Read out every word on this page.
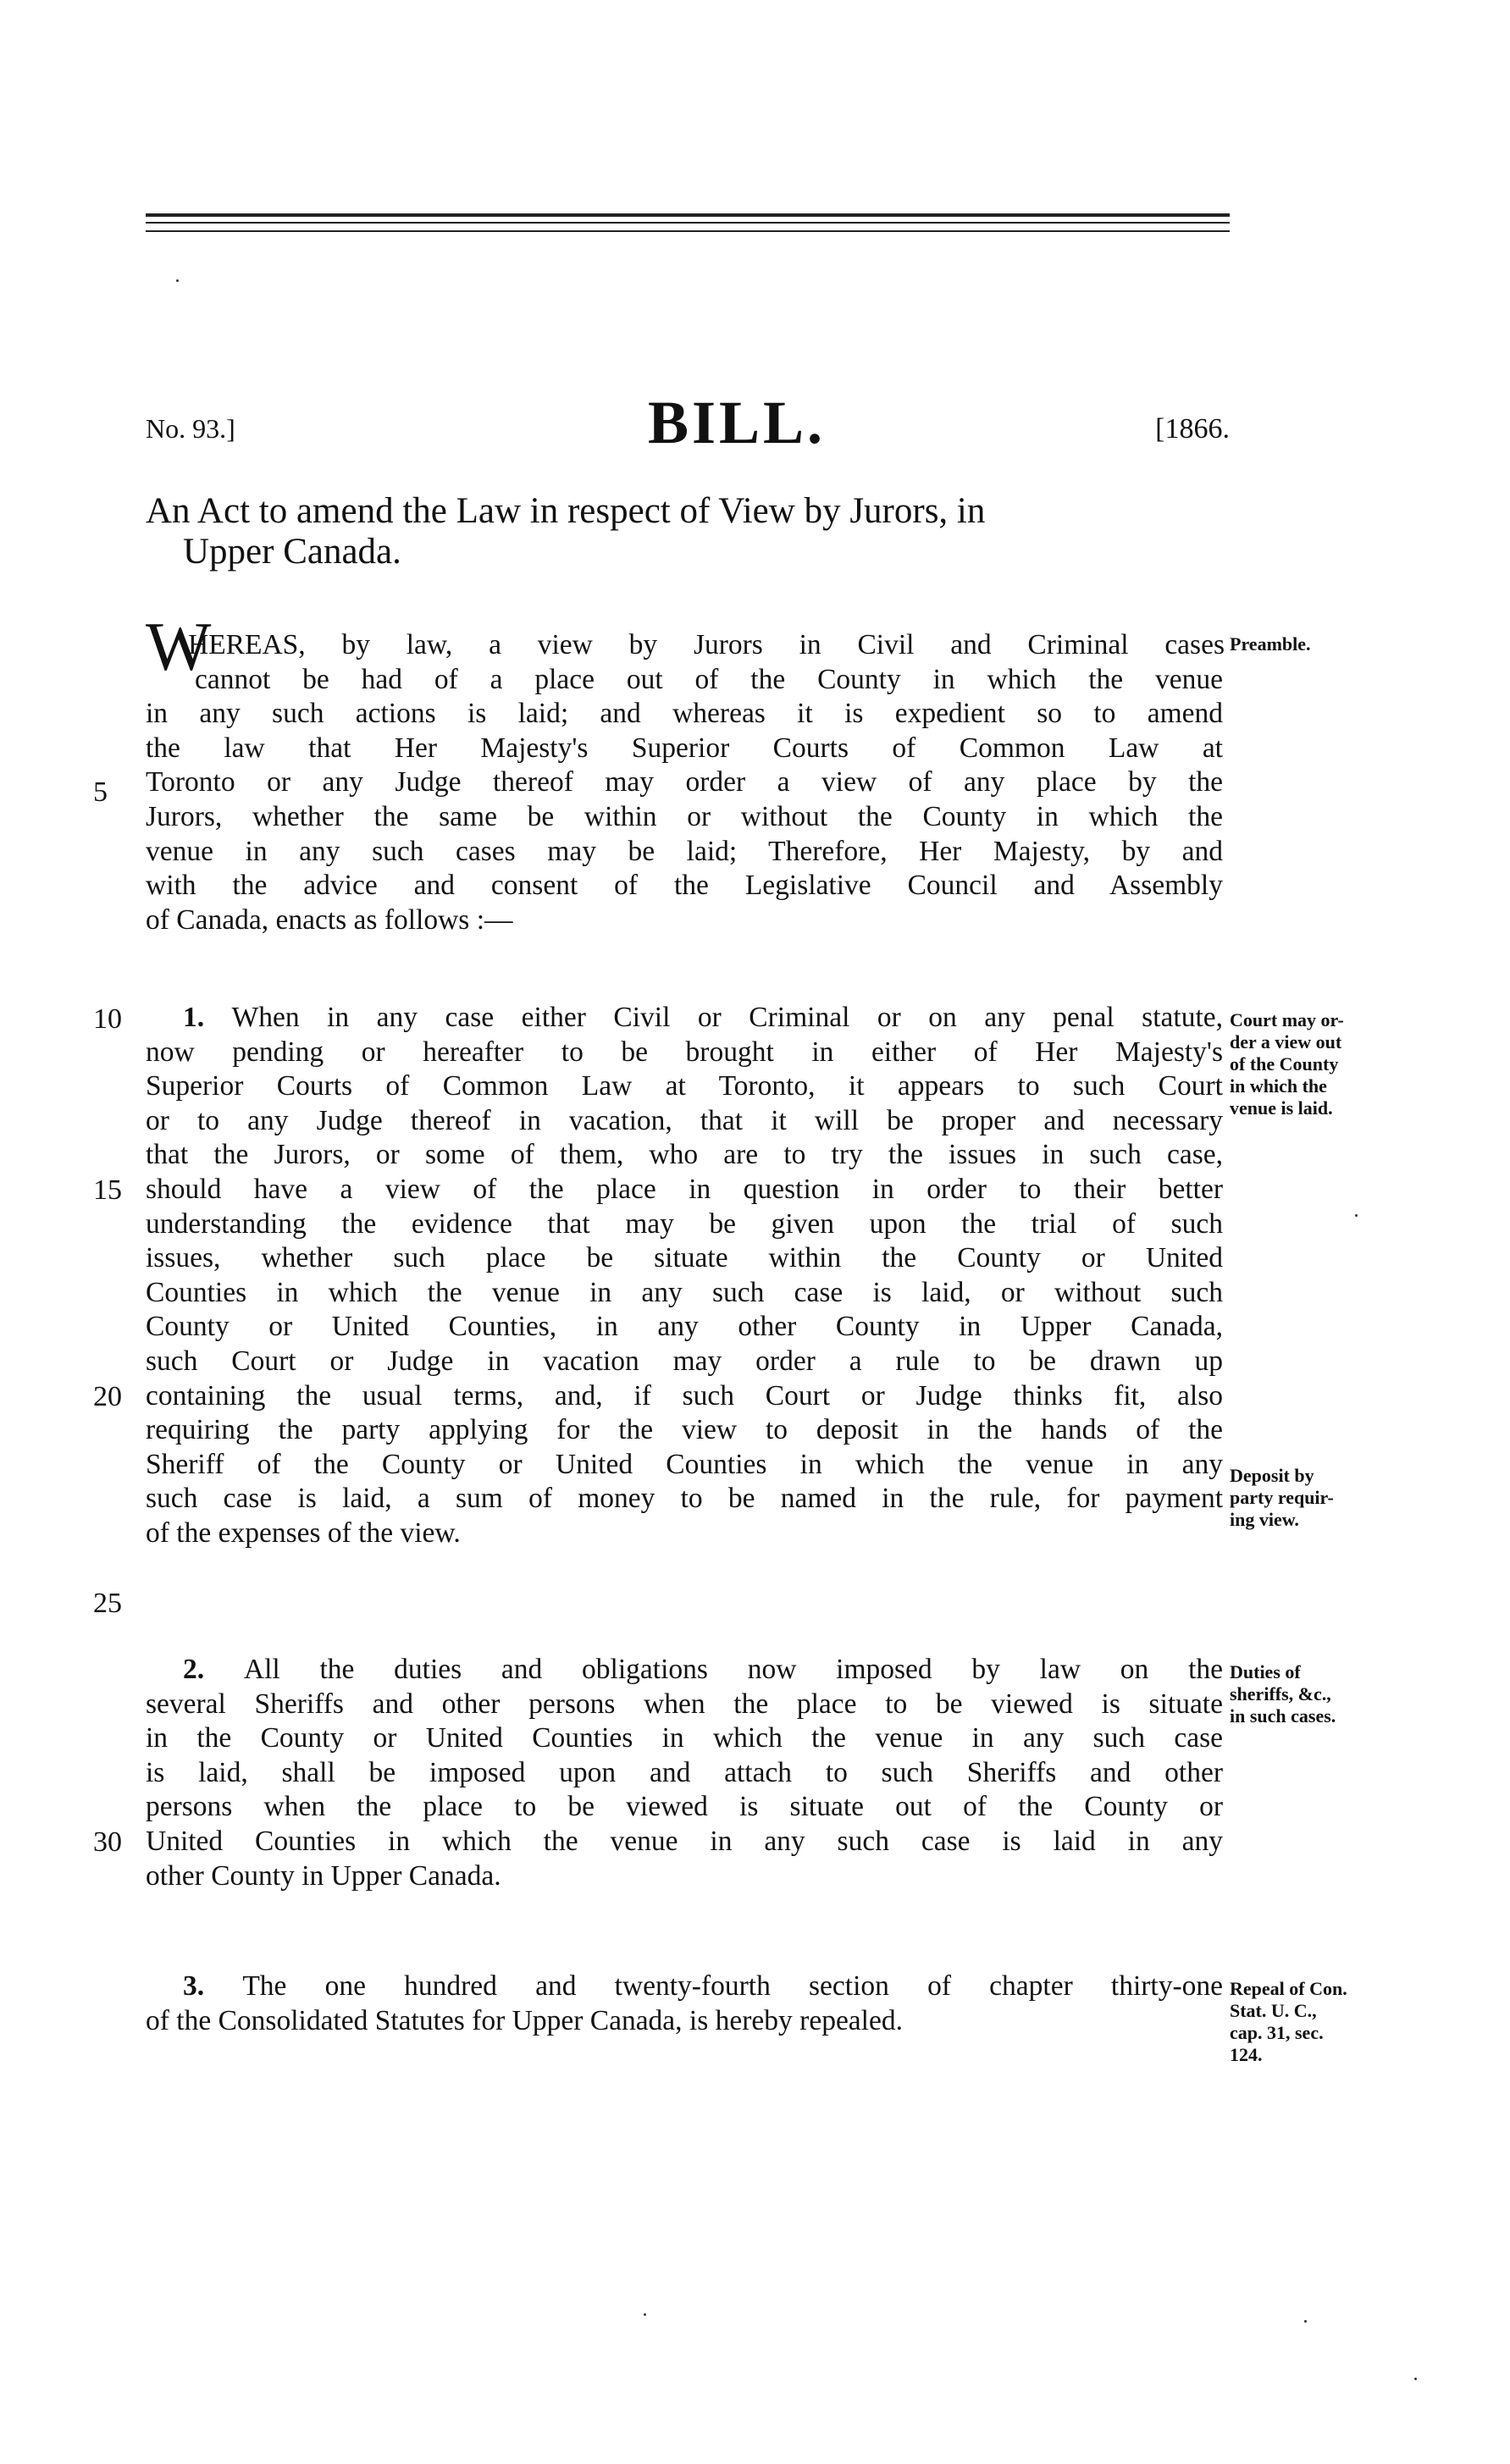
No. 93.]	BILL.	[1866.
An Act to amend the Law in respect of View by Jurors, in
Upper Canada.
W
HEREAS, by law, a view by Jurors in Civil and Criminal cases
cannot be had of a place out of the County in which the venue
in any such actions is laid; and whereas it is expedient so to amend
the law that Her Majesty's Superior Courts of Common Law at
Toronto or any Judge thereof may order a view of any place by the
Jurors, whether the same be within or without the County in which the
venue in any such cases may be laid; Therefore, Her Majesty, by and
with the advice and consent of the Legislative Council and Assembly
of Canada, enacts as follows :—
Preamble.
5
1. When in any case either Civil or Criminal or on any penal statute,
now pending or hereafter to be brought in either of Her Majesty's
Superior Courts of Common Law at Toronto, it appears to such Court
or to any Judge thereof in vacation, that it will be proper and necessary
that the Jurors, or some of them, who are to try the issues in such case,
should have a view of the place in question in order to their better
understanding the evidence that may be given upon the trial of such
issues, whether such place be situate within the County or United
Counties in which the venue in any such case is laid, or without such
County or United Counties, in any other County in Upper Canada,
such Court or Judge in vacation may order a rule to be drawn up
containing the usual terms, and, if such Court or Judge thinks fit, also
requiring the party applying for the view to deposit in the hands of the
Sheriff of the County or United Counties in which the venue in any
such case is laid, a sum of money to be named in the rule, for payment
of the expenses of the view.
Court may or-
der a view out
of the County
in which the
venue is laid.
Deposit by
party requir-
ing view.
10
15
20
25
2. All the duties and obligations now imposed by law on the
several Sheriffs and other persons when the place to be viewed is situate
in the County or United Counties in which the venue in any such case
is laid, shall be imposed upon and attach to such Sheriffs and other
persons when the place to be viewed is situate out of the County or
United Counties in which the venue in any such case is laid in any
other County in Upper Canada.
Duties of
sheriffs, &c.,
in such cases.
30
3. The one hundred and twenty-fourth section of chapter thirty-one
of the Consolidated Statutes for Upper Canada, is hereby repealed.
Repeal of Con.
Stat. U. C.,
cap. 31, sec.
124.
